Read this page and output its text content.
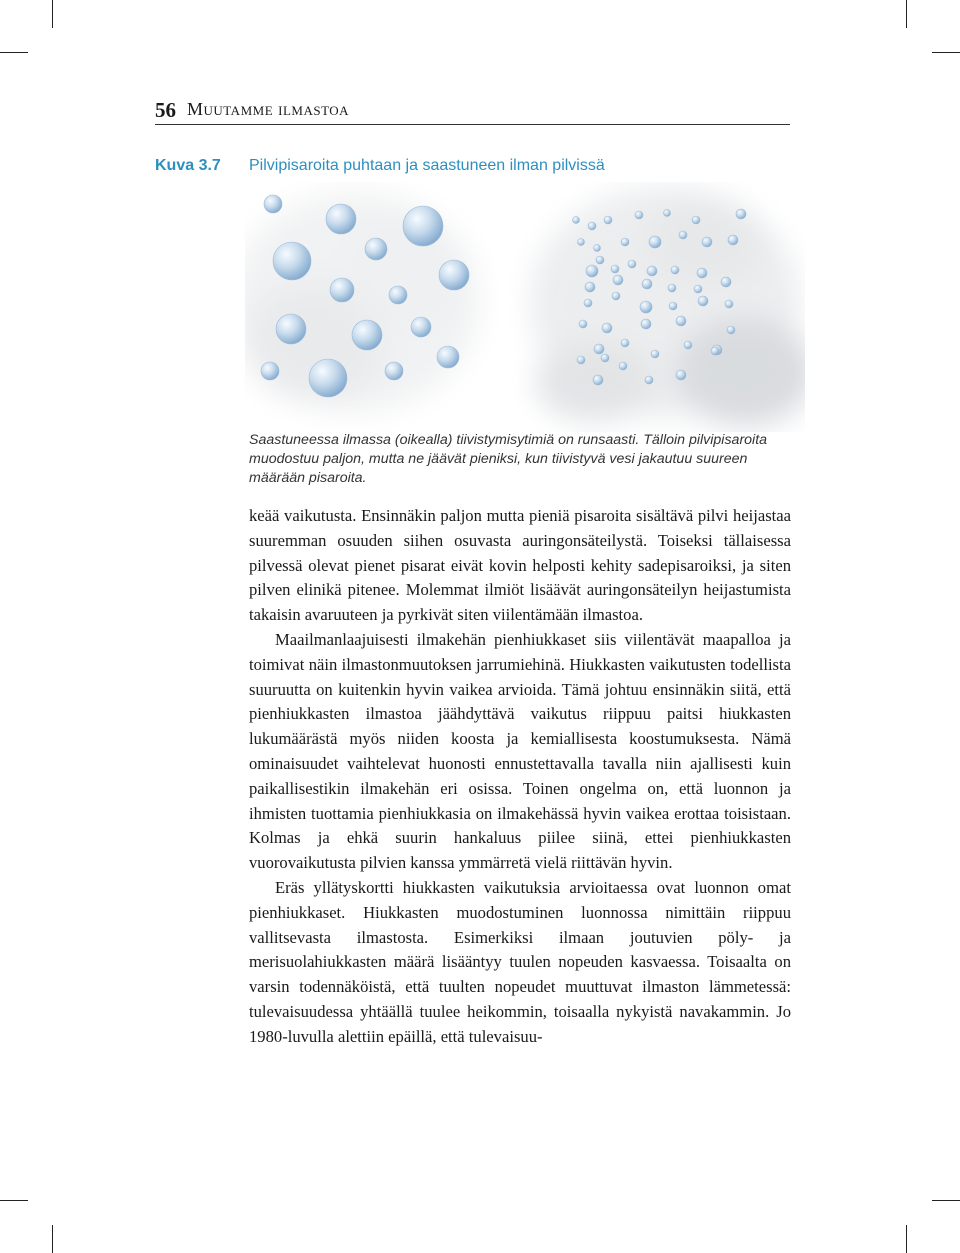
56 Muutamme ilmastoa
Kuva 3.7 Pilvipisaroita puhtaan ja saastuneen ilman pilvissä
Saastuneessa ilmassa (oikealla) tiivistymisytimiä on runsaasti. Tälloin pilvipisaroita muodostuu paljon, mutta ne jäävät pieniksi, kun tiivistyvä vesi jakautuu suureen määrään pisaroita.

keää vaikutusta. Ensinnäkin paljon mutta pieniä pisaroita sisältävä pilvi heijastaa suuremman osuuden siihen osuvasta auringonsäteilystä. Toiseksi tällaisessa pilvessä olevat pienet pisarat eivät kovin helposti kehity sadepisaroiksi, ja siten pilven elinikä pitenee. Molemmat ilmiöt lisäävät auringonsäteilyn heijastumista takaisin avaruuteen ja pyrkivät siten viilentämään ilmastoa.

Maailmanlaajuisesti ilmakehän pienhiukkaset siis viilentävät maapalloa ja toimivat näin ilmastonmuutoksen jarrumiehinä. Hiukkasten vaikutusten todellista suuruutta on kuitenkin hyvin vaikea arvioida. Tämä johtuu ensinnäkin siitä, että pienhiukkasten ilmastoa jäähdyttävä vaikutus riippuu paitsi hiukkasten lukumäärästä myös niiden koosta ja kemiallisesta koostumuksesta. Nämä ominaisuudet vaihtelevat huonosti ennustettavalla tavalla niin ajallisesti kuin paikallisestikin ilmakehän eri osissa. Toinen ongelma on, että luonnon ja ihmisten tuottamia pienhiukkasia on ilmakehässä hyvin vaikea erottaa toisistaan. Kolmas ja ehkä suurin hankaluus piilee siinä, ettei pienhiukkasten vuorovaikutusta pilvien kanssa ymmärretä vielä riittävän hyvin.

Eräs yllätyskortti hiukkasten vaikutuksia arvioitaessa ovat luonnon omat pienhiukkaset. Hiukkasten muodostuminen luonnossa nimittäin riippuu vallitsevasta ilmastosta. Esimerkiksi ilmaan joutuvien pöly- ja merisuolahiukkasten määrä lisääntyy tuulen nopeuden kasvaessa. Toisaalta on varsin todennäköistä, että tuulten nopeudet muuttuvat ilmaston lämmetessä: tulevaisuudessa yhtäällä tuulee heikommin, toisaalla nykyistä navakammin. Jo 1980-luvulla alettiin epäillä, että tulevaisuu-
